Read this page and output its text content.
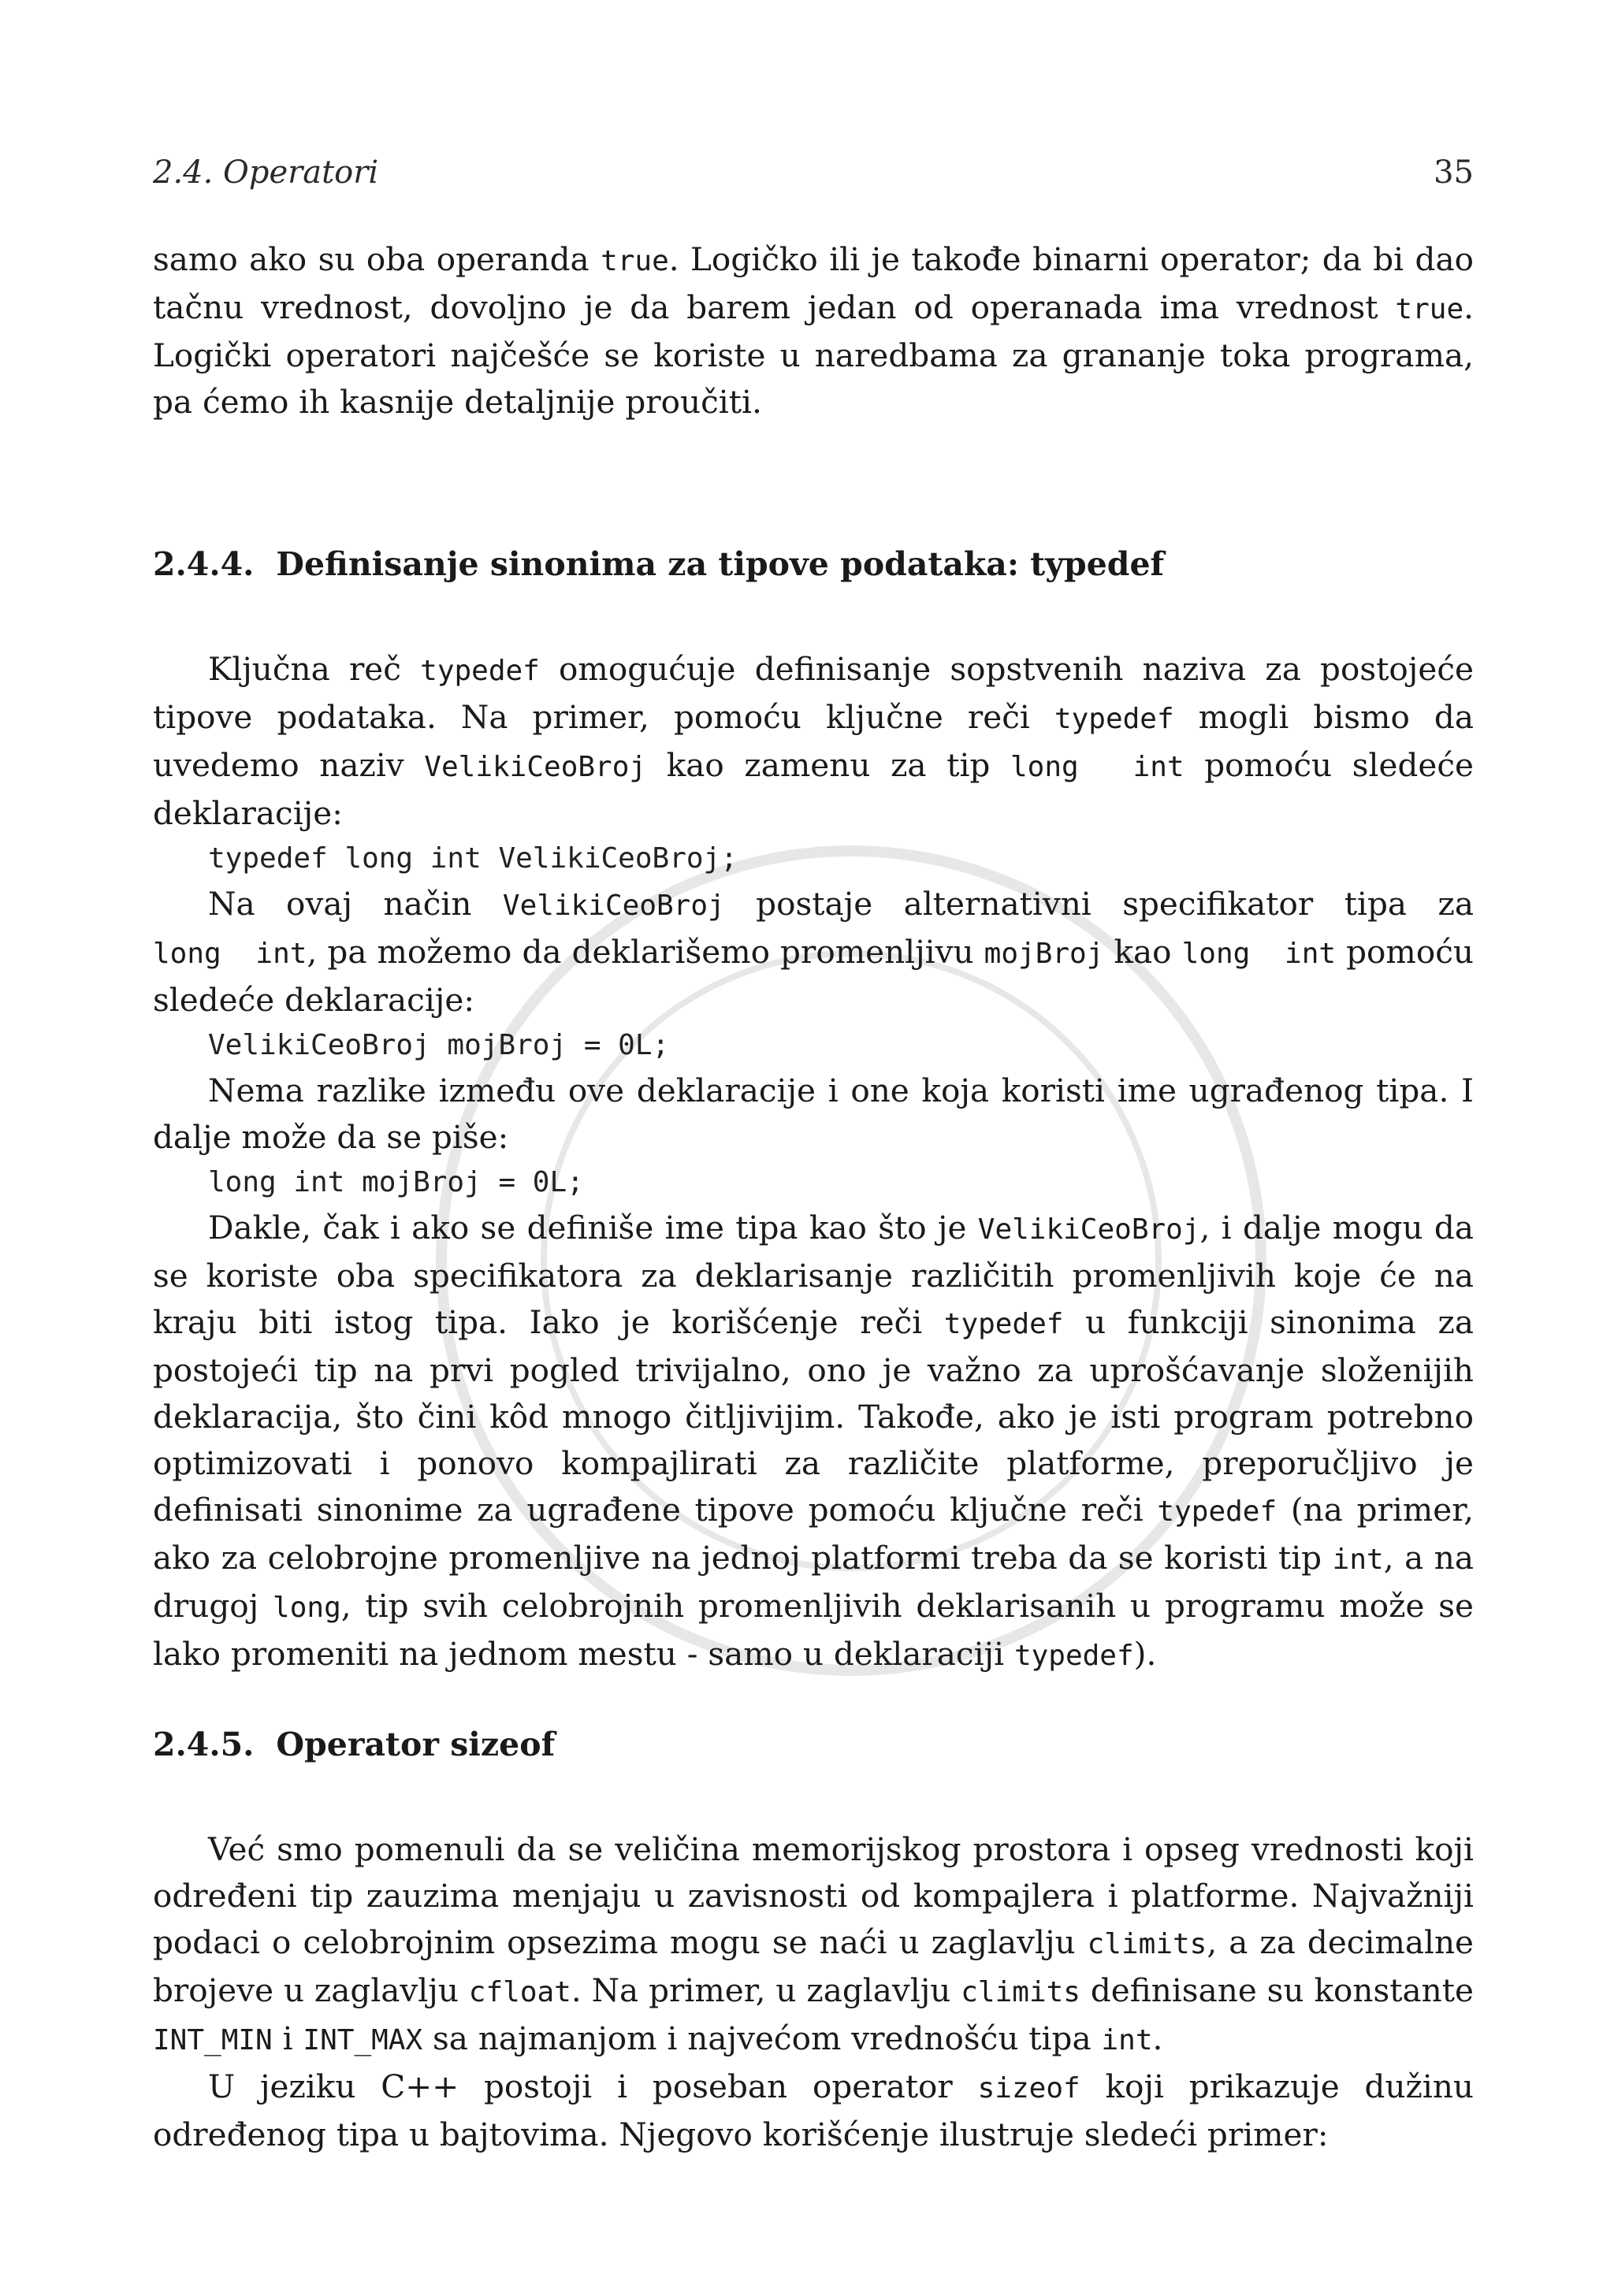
2.4. Operatori	35

samo ako su oba operanda true. Logičko ili je takođe binarni operator; da bi dao tačnu vrednost, dovoljno je da barem jedan od operanada ima vrednost true. Logički operatori najčešće se koriste u naredbama za grananje toka programa, pa ćemo ih kasnije detaljnije proučiti.

2.4.4. Definisanje sinonima za tipove podataka: typedef

Ključna reč typedef omogućuje definisanje sopstvenih naziva za postojeće tipove podataka. Na primer, pomoću ključne reči typedef mogli bismo da uvedemo naziv VelikiCeoBroj kao zamenu za tip long  int pomoću sledeće deklaracije:

typedef long int VelikiCeoBroj;

Na ovaj način VelikiCeoBroj postaje alternativni specifikator tipa za long  int, pa možemo da deklarišemo promenljivu mojBroj kao long  int pomoću sledeće deklaracije:

VelikiCeoBroj mojBroj = 0L;

Nema razlike između ove deklaracije i one koja koristi ime ugrađenog tipa. I dalje može da se piše:

long int mojBroj = 0L;

Dakle, čak i ako se definiše ime tipa kao što je VelikiCeoBroj, i dalje mogu da se koriste oba specifikatora za deklarisanje različitih promenljivih koje će na kraju biti istog tipa. Iako je korišćenje reči typedef u funkciji sinonima za postojeći tip na prvi pogled trivijalno, ono je važno za uprošćavanje složenijih deklaracija, što čini kôd mnogo čitljivijim. Takođe, ako je isti program potrebno optimizovati i ponovo kompajlirati za različite platforme, preporučljivo je definisati sinonime za ugrađene tipove pomoću ključne reči typedef (na primer, ako za celobrojne promenljive na jednoj platformi treba da se koristi tip int, a na drugoj long, tip svih celobrojnih promenljivih deklarisanih u programu može se lako promeniti na jednom mestu - samo u deklaraciji typedef).

2.4.5. Operator sizeof

Već smo pomenuli da se veličina memorijskog prostora i opseg vrednosti koji određeni tip zauzima menjaju u zavisnosti od kompajlera i platforme. Najvažniji podaci o celobrojnim opsezima mogu se naći u zaglavlju climits, a za decimalne brojeve u zaglavlju cfloat. Na primer, u zaglavlju climits definisane su konstante INT_MIN i INT_MAX sa najmanjom i najvećom vrednošću tipa int.

U jeziku C++ postoji i poseban operator sizeof koji prikazuje dužinu određenog tipa u bajtovima. Njegovo korišćenje ilustruje sledeći primer:
